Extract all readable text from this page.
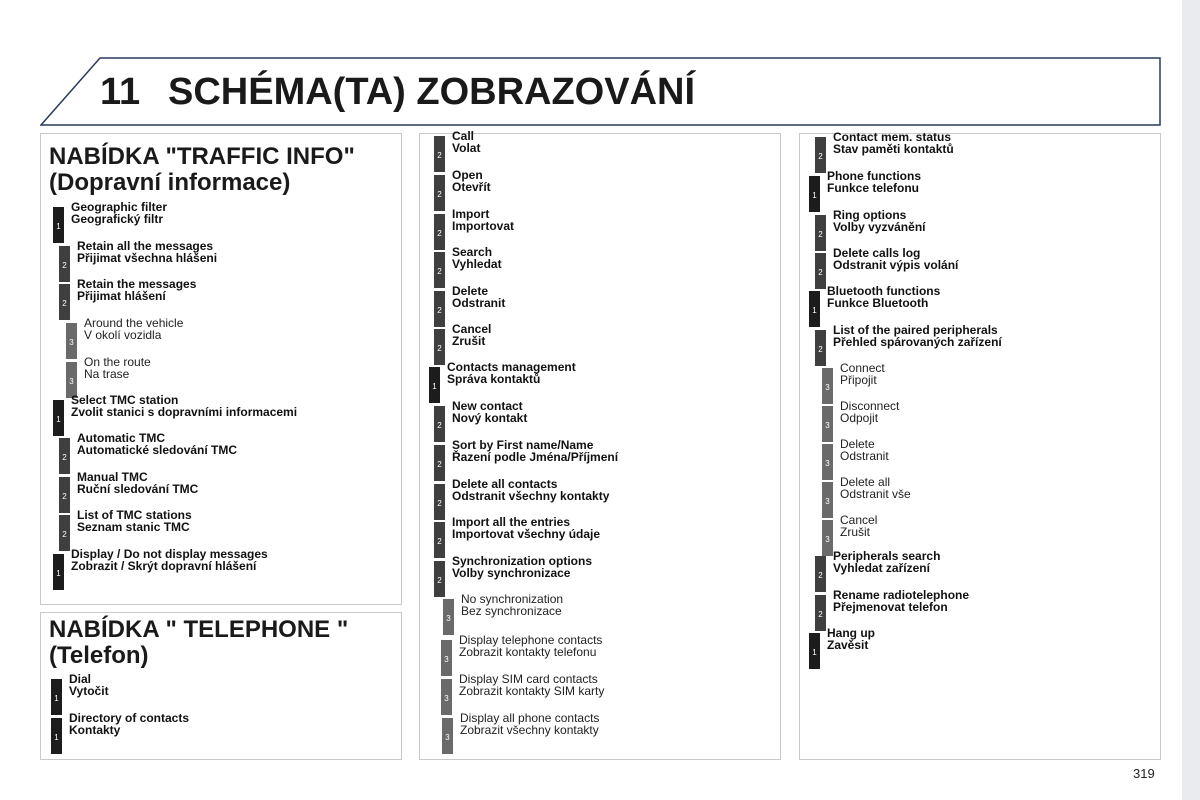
11 SCHÉMA(TA) ZOBRAZOVÁNÍ
NABÍDKA "TRAFFIC INFO"
(Dopravní informace)
1
Geographic filter
Geografický filtr
2
Retain all the messages
Přijimat všechna hlášeni
2
Retain the messages
Přijimat hlášení
3
Around the vehicle
V okolí vozidla
3
On the route
Na trase
1
Select TMC station
Zvolit stanici s dopravními informacemi
2
Automatic TMC
Automatické sledování TMC
2
Manual TMC
Ruční sledování TMC
2
List of TMC stations
Seznam stanic TMC
1
Display / Do not display messages
Zobrazit / Skrýt dopravní hlášení
NABÍDKA " TELEPHONE "
(Telefon)
1
Dial
Vytočit
1
Directory of contacts
Kontakty
2
Call
Volat
2
Open
Otevřít
2
Import
Importovat
2
Search
Vyhledat
2
Delete
Odstranit
2
Cancel
Zrušit
1
Contacts management
Správa kontaktů
2
New contact
Nový kontakt
2
Sort by First name/Name
Řazení podle Jména/Příjmení
2
Delete all contacts
Odstranit všechny kontakty
2
Import all the entries
Importovat všechny údaje
2
Synchronization options
Volby synchronizace
3
No synchronization
Bez synchronizace
3
Display telephone contacts
Zobrazit kontakty telefonu
3
Display SIM card contacts
Zobrazit kontakty SIM karty
3
Display all phone contacts
Zobrazit všechny kontakty
2
Contact mem. status
Stav paměti kontaktů
1
Phone functions
Funkce telefonu
2
Ring options
Volby vyzvánění
2
Delete calls log
Odstranit výpis volání
1
Bluetooth functions
Funkce Bluetooth
2
List of the paired peripherals
Přehled spárovaných zařízení
3
Connect
Připojit
3
Disconnect
Odpojit
3
Delete
Odstranit
3
Delete all
Odstranit vše
3
Cancel
Zrušit
2
Peripherals search
Vyhledat zařízení
2
Rename radiotelephone
Přejmenovat telefon
1
Hang up
Zavěsit
319
